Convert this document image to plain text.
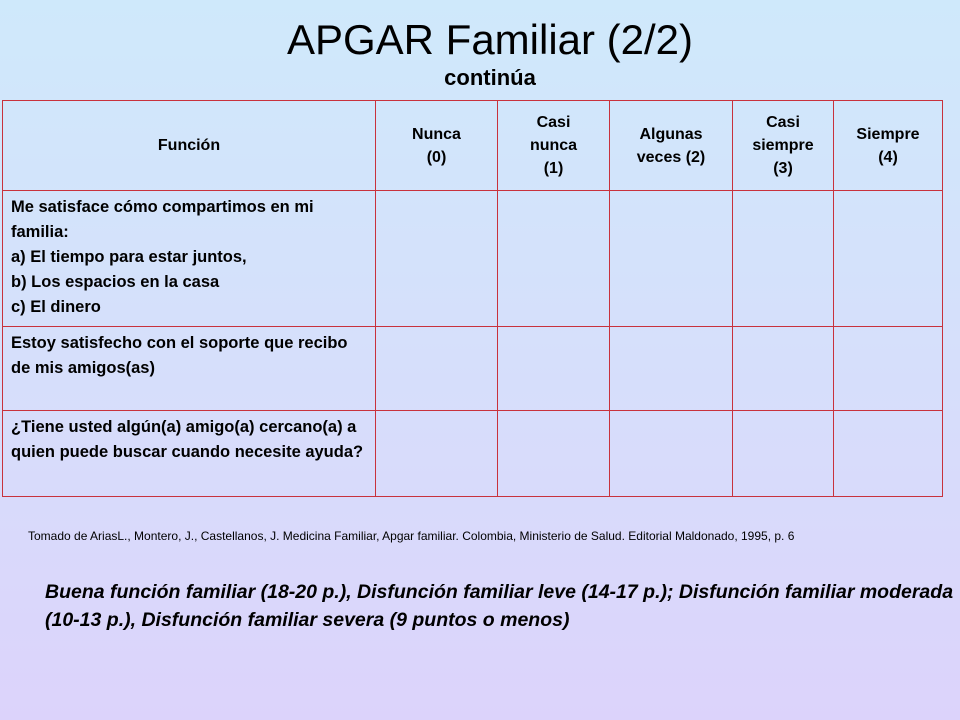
APGAR Familiar (2/2)
continúa
Función	Nunca (0)	Casi nunca (1)	Algunas veces (2)	Casi siempre (3)	Siempre (4)

Me satisface cómo compartimos en mi familia:
a) El tiempo para estar juntos,
b) Los espacios en la casa
c) El dinero					

Estoy satisfecho con el soporte que recibo de mis amigos(as)					

¿Tiene usted algún(a) amigo(a) cercano(a) a quien puede buscar cuando necesite ayuda?					

Tomado de AriasL., Montero, J., Castellanos, J. Medicina Familiar, Apgar familiar. Colombia, Ministerio de Salud. Editorial Maldonado, 1995, p. 6
Buena función familiar (18-20 p.), Disfunción familiar leve (14-17 p.); Disfunción familiar moderada (10-13 p.), Disfunción familiar severa (9 puntos o menos)
